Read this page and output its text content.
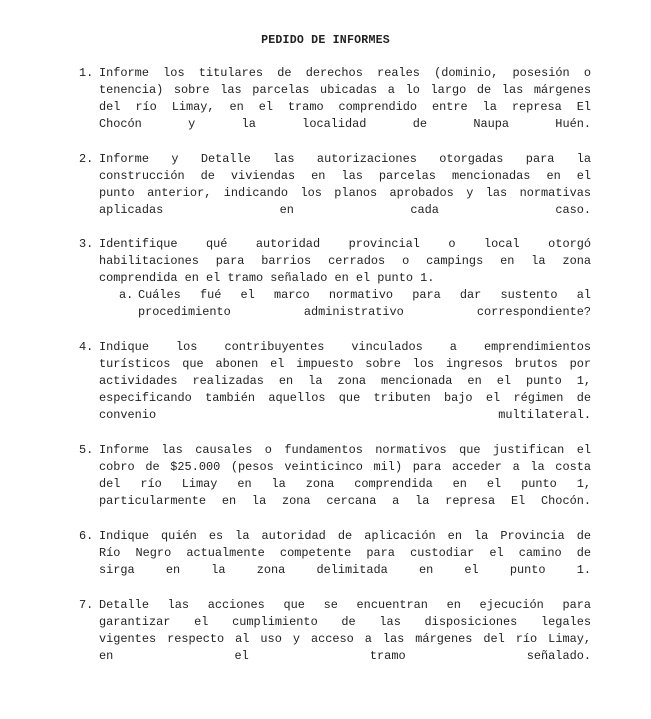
PEDIDO DE INFORMES
1. Informe los titulares de derechos reales (dominio, posesión o
tenencia) sobre las parcelas ubicadas a lo largo de las márgenes
del río Limay, en el tramo comprendido entre la represa El
Chocón y la localidad de Naupa Huén.
2. Informe y Detalle las autorizaciones otorgadas para la
construcción de viviendas en las parcelas mencionadas en el
punto anterior, indicando los planos aprobados y las normativas
aplicadas en cada caso.
3. Identifique qué autoridad provincial o local otorgó
habilitaciones para barrios cerrados o campings en la zona
comprendida en el tramo señalado en el punto 1.
a. Cuáles fué el marco normativo para dar sustento al
procedimiento administrativo correspondiente?
4. Indique los contribuyentes vinculados a emprendimientos
turísticos que abonen el impuesto sobre los ingresos brutos por
actividades realizadas en la zona mencionada en el punto 1,
especificando también aquellos que tributen bajo el régimen de
convenio multilateral.
5. Informe las causales o fundamentos normativos que justifican el
cobro de $25.000 (pesos veinticinco mil) para acceder a la costa
del río Limay en la zona comprendida en el punto 1,
particularmente en la zona cercana a la represa El Chocón.
6. Indique quién es la autoridad de aplicación en la Provincia de
Río Negro actualmente competente para custodiar el camino de
sirga en la zona delimitada en el punto 1.
7. Detalle las acciones que se encuentran en ejecución para
garantizar el cumplimiento de las disposiciones legales
vigentes respecto al uso y acceso a las márgenes del río Limay,
en el tramo señalado.
